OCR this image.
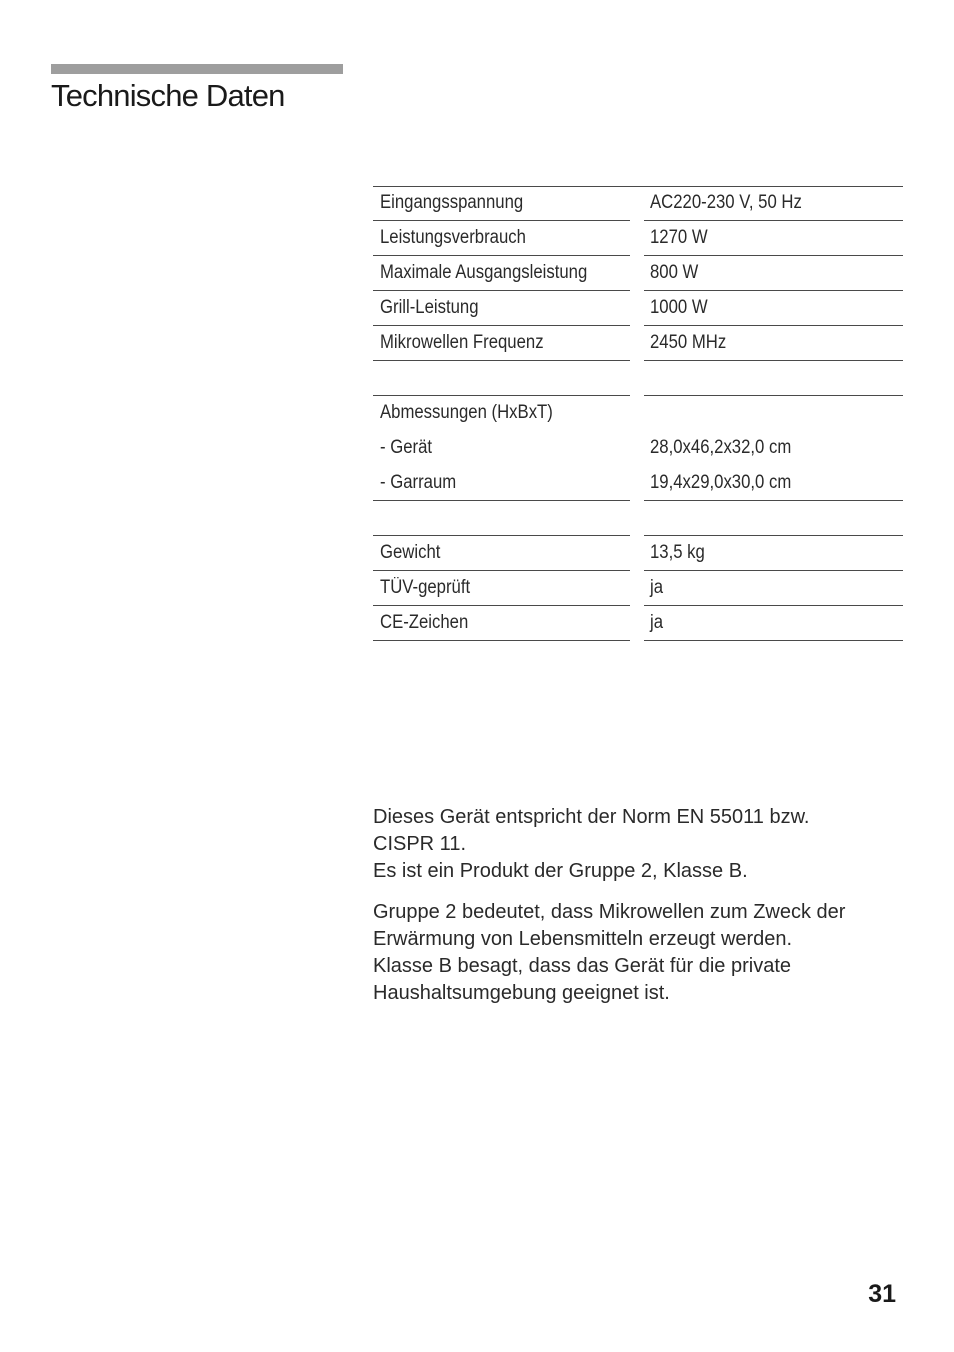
Technische Daten
Eingangsspannung	AC220-230 V, 50 Hz
Leistungsverbrauch	1270 W
Maximale Ausgangsleistung	800 W
Grill-Leistung	1000 W
Mikrowellen Frequenz	2450 MHz
Abmessungen (HxBxT)
- Gerät	28,0x46,2x32,0 cm
- Garraum	19,4x29,0x30,0 cm
Gewicht	13,5 kg
TÜV-geprüft	ja
CE-Zeichen	ja

Dieses Gerät entspricht der Norm EN 55011 bzw.
CISPR 11.
Es ist ein Produkt der Gruppe 2, Klasse B.

Gruppe 2 bedeutet, dass Mikrowellen zum Zweck der
Erwärmung von Lebensmitteln erzeugt werden.
Klasse B besagt, dass das Gerät für die private
Haushaltsumgebung geeignet ist.

31
